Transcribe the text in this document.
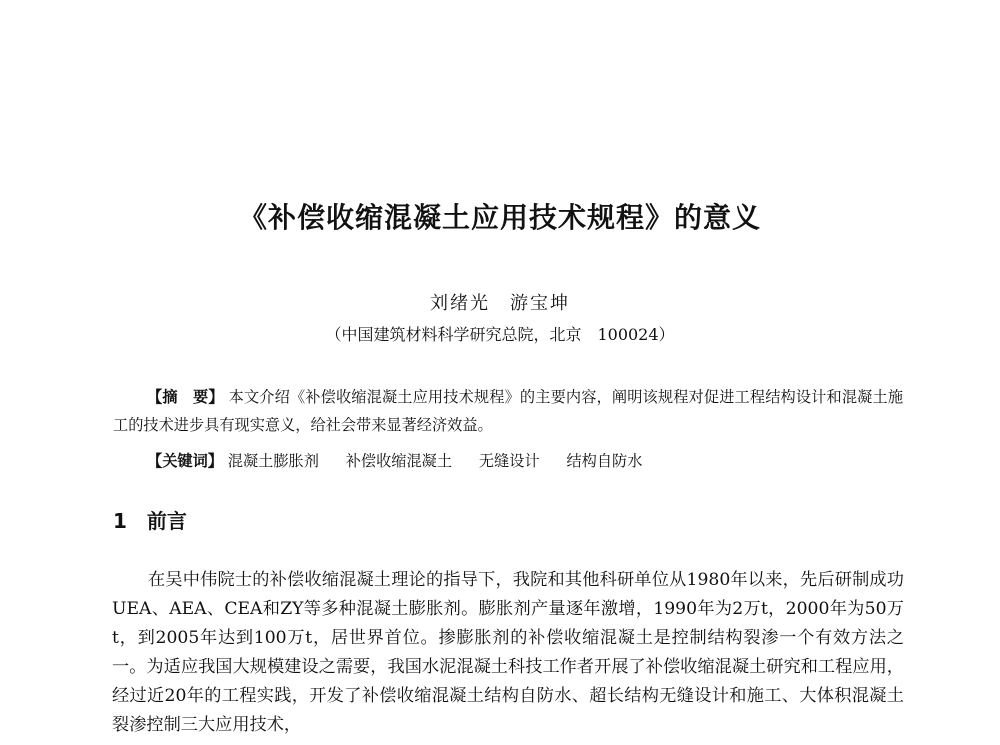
《补偿收缩混凝土应用技术规程》的意义
刘绪光　游宝坤
（中国建筑材料科学研究总院，北京　100024）
【摘　要】 本文介绍《补偿收缩混凝土应用技术规程》的主要内容，阐明该规程对促进工程结构设计和混凝土施工的技术进步具有现实意义，给社会带来显著经济效益。
【关键词】 混凝土膨胀剂 补偿收缩混凝土 无缝设计 结构自防水
1 前言

在吴中伟院士的补偿收缩混凝土理论的指导下，我院和其他科研单位从1980年以来，先后研制成功UEA、AEA、CEA和ZY等多种混凝土膨胀剂。膨胀剂产量逐年激增，1990年为2万t，2000年为50万t，到2005年达到100万t，居世界首位。掺膨胀剂的补偿收缩混凝土是控制结构裂渗一个有效方法之一。为适应我国大规模建设之需要，我国水泥混凝土科技工作者开展了补偿收缩混凝土研究和工程应用，经过近20年的工程实践，开发了补偿收缩混凝土结构自防水、超长结构无缝设计和施工、大体积混凝土裂渗控制三大应用技术，
